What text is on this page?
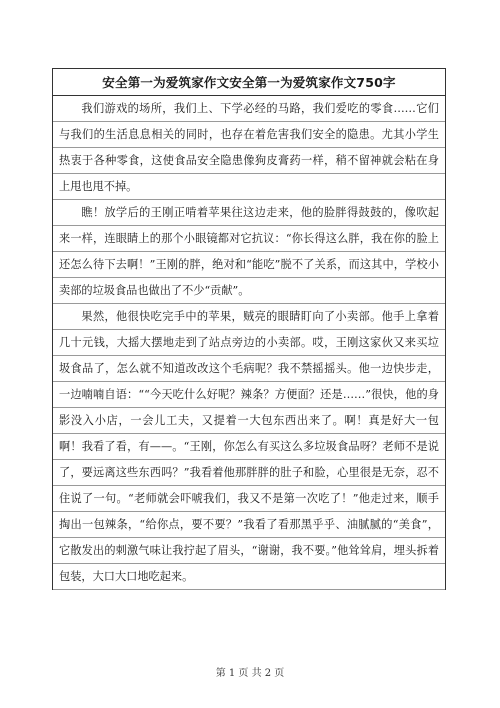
安全第一为爱筑家作文安全第一为爱筑家作文750字
我们游戏的场所，我们上、下学必经的马路，我们爱吃的零食……它们与我们的生活息息相关的同时，也存在着危害我们安全的隐患。尤其小学生热衷于各种零食，这使食品安全隐患像狗皮膏药一样，稍不留神就会粘在身上甩也甩不掉。
瞧！放学后的王刚正啃着苹果往这边走来，他的脸胖得鼓鼓的，像吹起来一样，连眼睛上的那个小眼镜都对它抗议：“你长得这么胖，我在你的脸上还怎么待下去啊！”王刚的胖，绝对和“能吃”脱不了关系，而这其中，学校小卖部的垃圾食品也做出了不少“贡献”。
果然，他很快吃完手中的苹果，贼亮的眼睛盯向了小卖部。他手上拿着几十元钱，大摇大摆地走到了站点旁边的小卖部。哎，王刚这家伙又来买垃圾食品了，怎么就不知道改改这个毛病呢？我不禁摇摇头。他一边快步走，一边喃喃自语：““今天吃什么好呢？辣条？方便面？还是……”很快，他的身影没入小店，一会儿工夫，又提着一大包东西出来了。啊！真是好大一包啊！我看了看，有——。“王刚，你怎么有买这么多垃圾食品呀？老师不是说了，要远离这些东西吗？”我看着他那胖胖的肚子和脸，心里很是无奈，忍不住说了一句。“老师就会吓唬我们，我又不是第一次吃了！”他走过来，顺手掏出一包辣条，“给你点，要不要？”我看了看那黑乎乎、油腻腻的“美食”，它散发出的刺激气味让我拧起了眉头，“谢谢，我不要。”他耸耸肩，埋头拆着包装，大口大口地吃起来。
第 1 页 共 2 页
